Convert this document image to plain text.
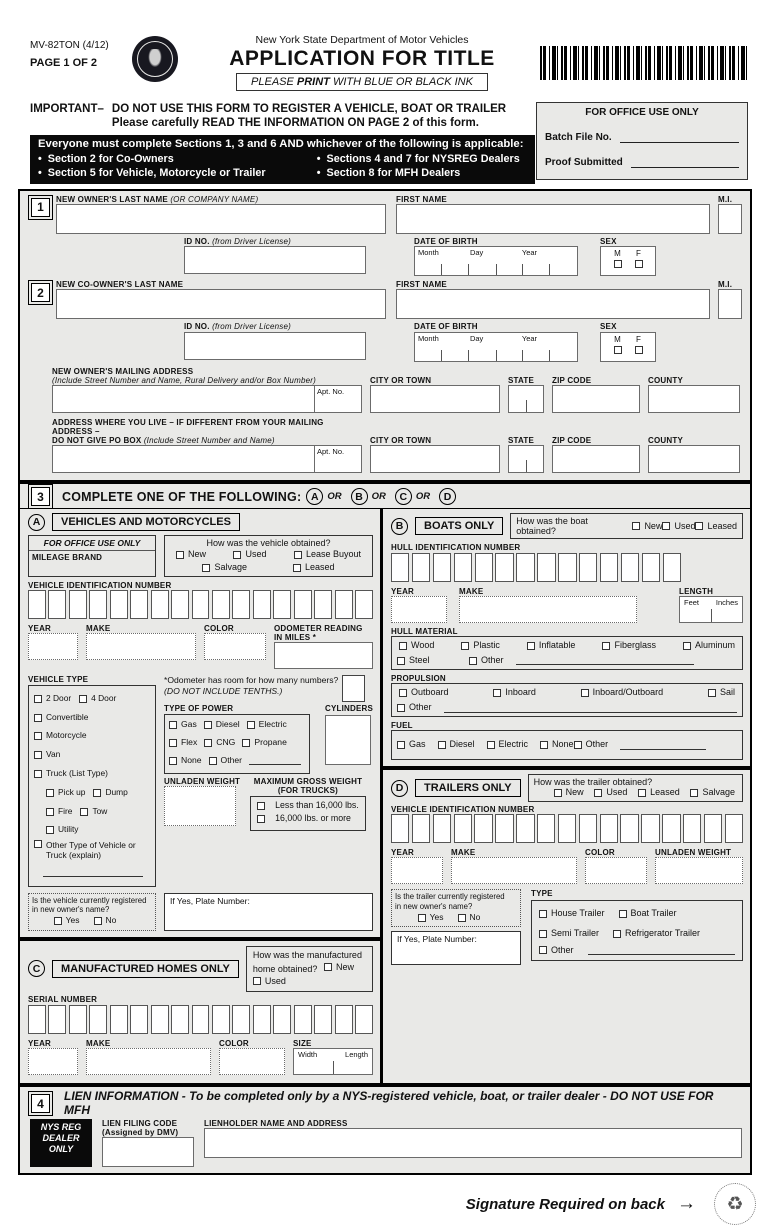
MV-82TON (4/12)
PAGE 1 OF 2
New York State Department of Motor Vehicles
APPLICATION FOR TITLE
PLEASE PRINT WITH BLUE OR BLACK INK
IMPORTANT– DO NOT USE THIS FORM TO REGISTER A VEHICLE, BOAT OR TRAILER
Please carefully READ THE INFORMATION ON PAGE 2 of this form.
Everyone must complete Sections 1, 3 and 6 AND whichever of the following is applicable:
• Section 2 for Co-Owners
• Section 5 for Vehicle, Motorcycle or Trailer
• Sections 4 and 7 for NYSREG Dealers
• Section 8 for MFH Dealers
FOR OFFICE USE ONLY
Batch File No.
Proof Submitted
1
NEW OWNER'S LAST NAME (OR COMPANY NAME)	FIRST NAME	M.I.
ID NO. (from Driver License)	DATE OF BIRTH
Month	Day	Year
SEX
M F
2
NEW CO-OWNER'S LAST NAME	FIRST NAME	M.I.
ID NO. (from Driver License)	DATE OF BIRTH
Month	Day	Year
SEX
M F
NEW OWNER'S MAILING ADDRESS
(Include Street Number and Name, Rural Delivery and/or Box Number)
Apt. No.
CITY OR TOWN	STATE	ZIP CODE	COUNTY
ADDRESS WHERE YOU LIVE – IF DIFFERENT FROM YOUR MAILING ADDRESS –
DO NOT GIVE PO BOX (Include Street Number and Name)
Apt. No.
CITY OR TOWN	STATE	ZIP CODE	COUNTY
3	COMPLETE ONE OF THE FOLLOWING: A OR	B OR	C OR	D
A	VEHICLES AND MOTORCYCLES
FOR OFFICE USE ONLY
MILEAGE BRAND
How was the vehicle obtained?
New	Used	Lease Buyout
Salvage	Leased
VEHICLE IDENTIFICATION NUMBER
YEAR	MAKE	COLOR	ODOMETER READING IN MILES *
VEHICLE TYPE
2 Door 4 Door
Convertible
Motorcycle
Van
Truck (List Type)
Pick up Dump
Fire Tow
Utility
Other Type of Vehicle or
Truck (explain)
*Odometer has room for how many numbers?
(DO NOT INCLUDE TENTHS.)
TYPE OF POWER
Gas Diesel Electric
Flex CNG Propane
None Other
CYLINDERS
UNLADEN WEIGHT	MAXIMUM GROSS WEIGHT
(FOR TRUCKS)
Less than 16,000 lbs.
16,000 lbs. or more
Is the vehicle currently registered
in new owner's name?
Yes	No
If Yes, Plate Number:
C	MANUFACTURED HOMES ONLY
How was the manufactured
home obtained? New
Used
SERIAL NUMBER
YEAR	MAKE	COLOR	SIZE
Width	Length
B	BOATS ONLY	How was the boat obtained?
New Used Leased
HULL IDENTIFICATION NUMBER
YEAR	MAKE	LENGTH
Feet Inches
HULL MATERIAL
Wood	Plastic	Inflatable	Fiberglass	Aluminum
Steel	Other
PROPULSION
Outboard	Inboard	Inboard/Outboard	Sail
Other
FUEL
Gas	Diesel	Electric	None Other
D	TRAILERS ONLY	How was the trailer obtained?
New	Used	Leased	Salvage
VEHICLE IDENTIFICATION NUMBER
YEAR	MAKE	COLOR	UNLADEN WEIGHT
Is the trailer currently registered
in new owner's name?
Yes	No
If Yes, Plate Number:
TYPE
House Trailer	Boat Trailer
Semi Trailer	Refrigerator Trailer
Other
4
LIEN INFORMATION - To be completed only by a NYS-registered vehicle, boat, or trailer dealer - DO NOT USE FOR MFH
NYS REG
DEALER
ONLY
LIEN FILING CODE (Assigned by DMV)
LIENHOLDER NAME AND ADDRESS
Signature Required on back →	♻
